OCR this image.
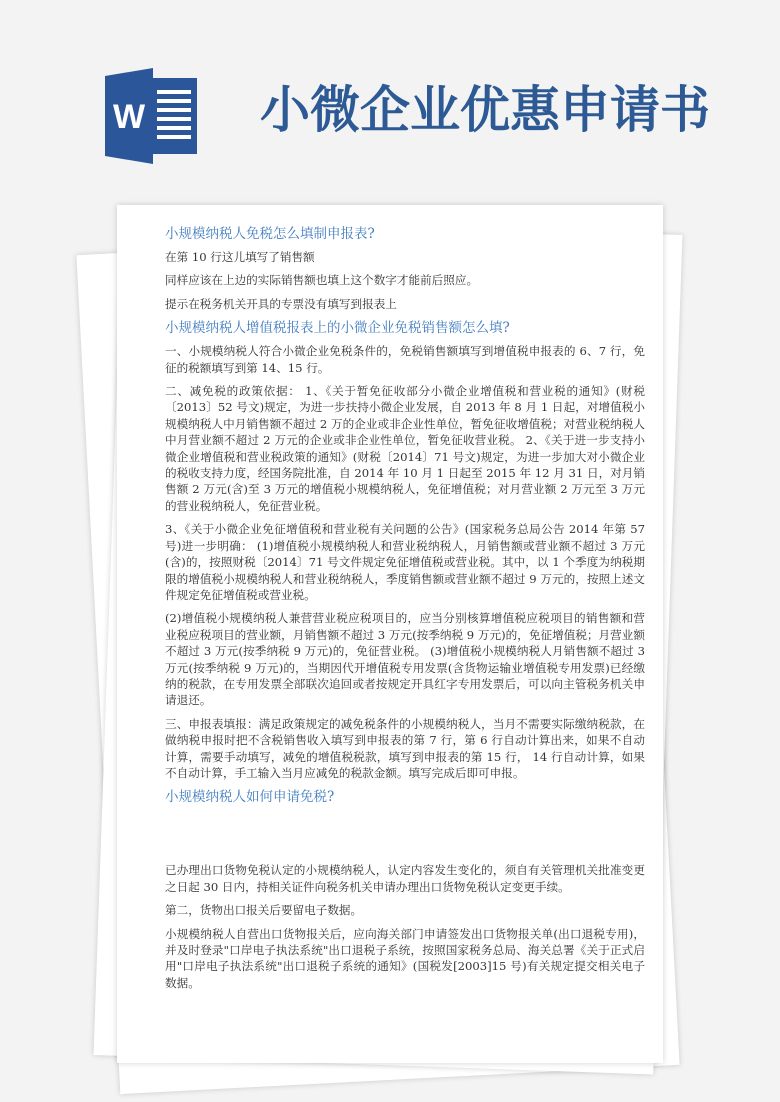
W 小微企业优惠申请书
小规模纳税人免税怎么填制申报表?

在第 10 行这儿填写了销售额

同样应该在上边的实际销售额也填上这个数字才能前后照应。

提示在税务机关开具的专票没有填写到报表上

小规模纳税人增值税报表上的小微企业免税销售额怎么填?

一、小规模纳税人符合小微企业免税条件的，免税销售额填写到增值税申报表的 6、7 行，免征的税额填写到第 14、15 行。

二、减免税的政策依据： 1、《关于暂免征收部分小微企业增值税和营业税的通知》(财税〔2013〕52 号文)规定，为进一步扶持小微企业发展，自 2013 年 8 月 1 日起，对增值税小规模纳税人中月销售额不超过 2 万的企业或非企业性单位，暂免征收增值税；对营业税纳税人中月营业额不超过 2 万元的企业或非企业性单位，暂免征收营业税。 2、《关于进一步支持小微企业增值税和营业税政策的通知》(财税〔2014〕71 号文)规定，为进一步加大对小微企业的税收支持力度，经国务院批准，自 2014 年 10 月 1 日起至 2015 年 12 月 31 日，对月销售额 2 万元(含)至 3 万元的增值税小规模纳税人，免征增值税；对月营业额 2 万元至 3 万元的营业税纳税人，免征营业税。

3、《关于小微企业免征增值税和营业税有关问题的公告》(国家税务总局公告 2014 年第 57 号)进一步明确： (1)增值税小规模纳税人和营业税纳税人，月销售额或营业额不超过 3 万元(含)的，按照财税〔2014〕71 号文件规定免征增值税或营业税。其中，以 1 个季度为纳税期限的增值税小规模纳税人和营业税纳税人，季度销售额或营业额不超过 9 万元的，按照上述文件规定免征增值税或营业税。

(2)增值税小规模纳税人兼营营业税应税项目的，应当分别核算增值税应税项目的销售额和营业税应税项目的营业额，月销售额不超过 3 万元(按季纳税 9 万元)的，免征增值税；月营业额不超过 3 万元(按季纳税 9 万元)的，免征营业税。 (3)增值税小规模纳税人月销售额不超过 3 万元(按季纳税 9 万元)的，当期因代开增值税专用发票(含货物运输业增值税专用发票)已经缴纳的税款，在专用发票全部联次追回或者按规定开具红字专用发票后，可以向主管税务机关申请退还。

三、申报表填报：满足政策规定的减免税条件的小规模纳税人，当月不需要实际缴纳税款，在做纳税申报时把不含税销售收入填写到申报表的第 7 行，第 6 行自动计算出来，如果不自动计算，需要手动填写，减免的增值税税款，填写到申报表的第 15 行， 14 行自动计算，如果不自动计算，手工输入当月应减免的税款金额。填写完成后即可申报。

小规模纳税人如何申请免税?

已办理出口货物免税认定的小规模纳税人，认定内容发生变化的，须自有关管理机关批准变更之日起 30 日内，持相关证件向税务机关申请办理出口货物免税认定变更手续。

第二，货物出口报关后要留电子数据。

小规模纳税人自营出口货物报关后，应向海关部门申请签发出口货物报关单(出口退税专用)，并及时登录"口岸电子执法系统"出口退税子系统，按照国家税务总局、海关总署《关于正式启用"口岸电子执法系统"出口退税子系统的通知》(国税发[2003]15 号)有关规定提交相关电子数据。
